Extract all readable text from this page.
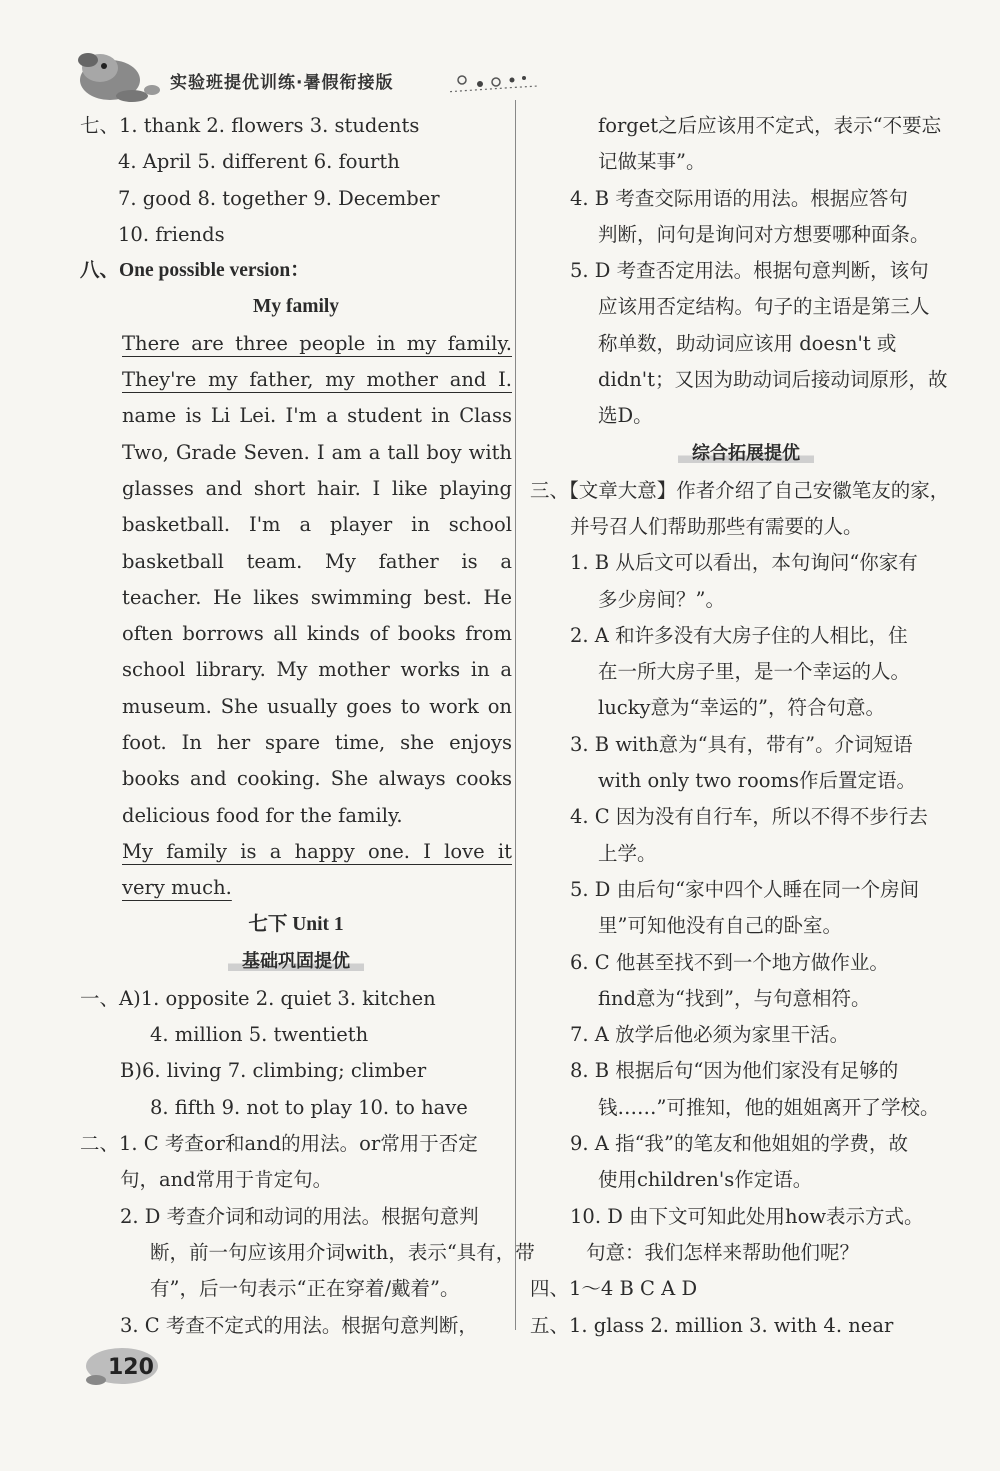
实验班提优训练·暑假衔接版
七、1. thank 2. flowers 3. students
4. April 5. different 6. fourth
7. good 8. together 9. December
10. friends
八、One possible version：
My family
There are three people in my family.
They're my father, my mother and I.
name is Li Lei. I'm a student in Class
Two, Grade Seven. I am a tall boy with
glasses and short hair. I like playing
basketball. I'm a player in school
basketball team. My father is a
teacher. He likes swimming best. He
often borrows all kinds of books from
school library. My mother works in a
museum. She usually goes to work on
foot. In her spare time, she enjoys
books and cooking. She always cooks
delicious food for the family.
My family is a happy one. I love it
very much.
七下 Unit 1
基础巩固提优
一、A)1. opposite 2. quiet 3. kitchen
4. million 5. twentieth
B)6. living 7. climbing; climber
8. fifth 9. not to play 10. to have
二、1. C 考查or和and的用法。or常用于否定
句，and常用于肯定句。
2. D 考查介词和动词的用法。根据句意判
断，前一句应该用介词with，表示“具有，带
有”，后一句表示“正在穿着/戴着”。
3. C 考查不定式的用法。根据句意判断，
forget之后应该用不定式，表示“不要忘
记做某事”。
4. B 考查交际用语的用法。根据应答句
判断，问句是询问对方想要哪种面条。
5. D 考查否定用法。根据句意判断，该句
应该用否定结构。句子的主语是第三人
称单数，助动词应该用 doesn't 或
didn't；又因为助动词后接动词原形，故
选D。
综合拓展提优
三、【文章大意】作者介绍了自己安徽笔友的家，
并号召人们帮助那些有需要的人。
1. B 从后文可以看出，本句询问“你家有
多少房间？”。
2. A 和许多没有大房子住的人相比，住
在一所大房子里，是一个幸运的人。
lucky意为“幸运的”，符合句意。
3. B with意为“具有，带有”。介词短语
with only two rooms作后置定语。
4. C 因为没有自行车，所以不得不步行去
上学。
5. D 由后句“家中四个人睡在同一个房间
里”可知他没有自己的卧室。
6. C 他甚至找不到一个地方做作业。
find意为“找到”，与句意相符。
7. A 放学后他必须为家里干活。
8. B 根据后句“因为他们家没有足够的
钱……”可推知，他的姐姐离开了学校。
9. A 指“我”的笔友和他姐姐的学费，故
使用children's作定语。
10. D 由下文可知此处用how表示方式。
句意：我们怎样来帮助他们呢？
四、1～4 B C A D
五、1. glass 2. million 3. with 4. near
120
